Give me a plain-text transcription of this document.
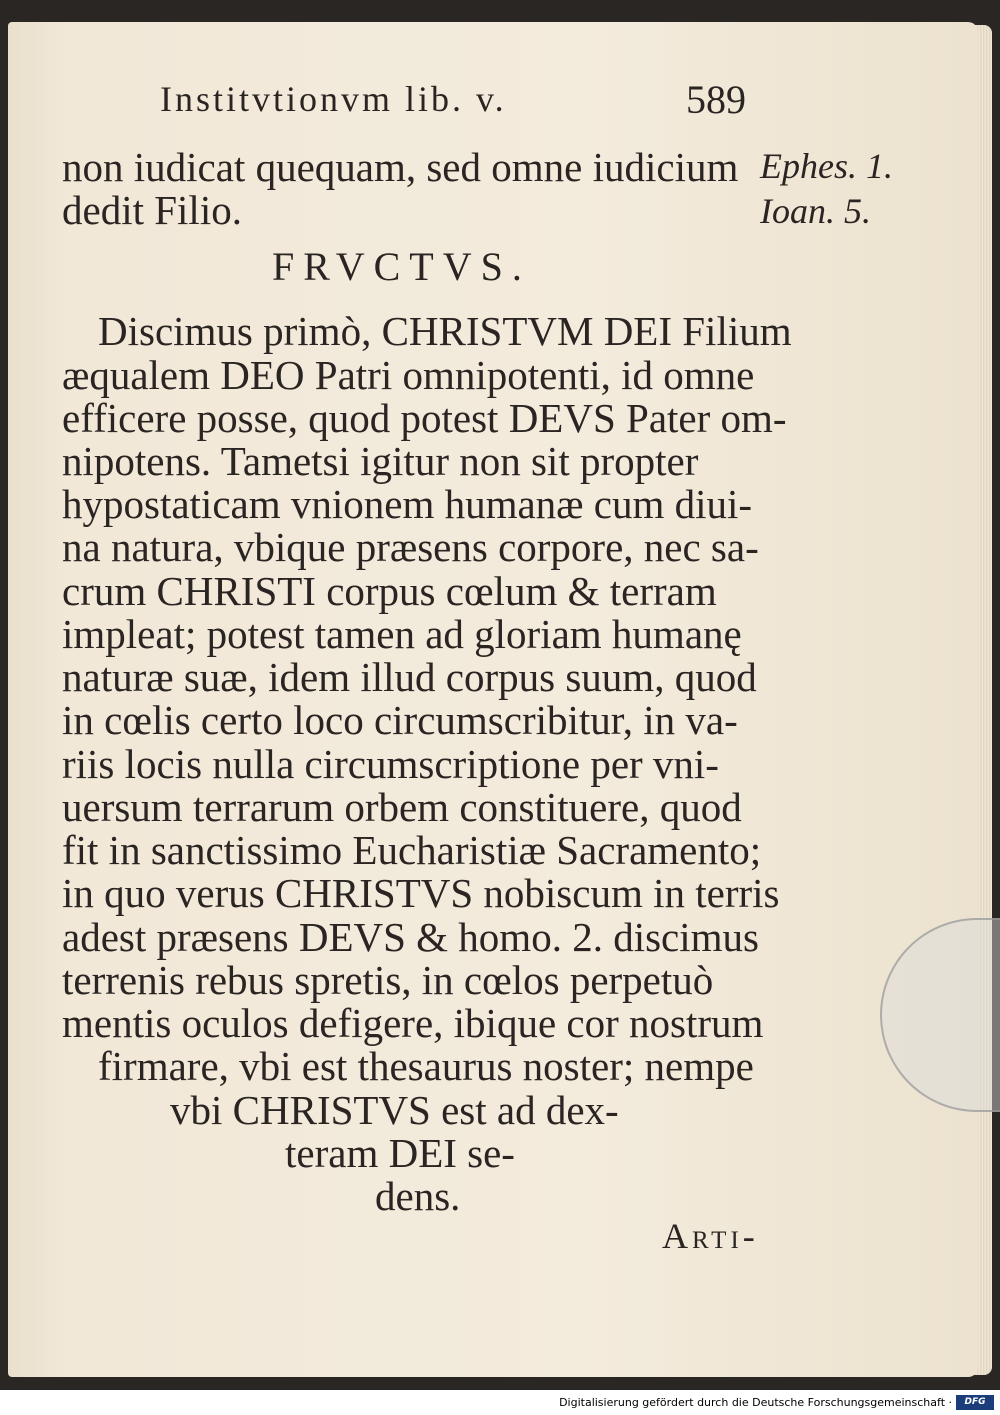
Institvtionvm lib. v.	589
non iudicat quequam, sed omne iudicium
dedit Filio.
Ephes. 1.
Ioan. 5.
FRVCTVS.
Discimus primò, CHRISTVM DEI Filium
æqualem DEO Patri omnipotenti, id omne
efficere posse, quod potest DEVS Pater om-
nipotens. Tametsi igitur non sit propter
hypostaticam vnionem humanæ cum diui-
na natura, vbique præsens corpore, nec sa-
crum CHRISTI corpus cœlum & terram
impleat; potest tamen ad gloriam humanę
naturæ suæ, idem illud corpus suum, quod
in cœlis certo loco circumscribitur, in va-
riis locis nulla circumscriptione per vni-
uersum terrarum orbem constituere, quod
fit in sanctissimo Eucharistiæ Sacramento;
in quo verus CHRISTVS nobiscum in terris
adest præsens DEVS & homo. 2. discimus
terrenis rebus spretis, in cœlos perpetuò
mentis oculos defigere, ibique cor nostrum
firmare, vbi est thesaurus noster; nempe
vbi CHRISTVS est ad dex-
teram DEI se-
dens.
Arti-
Digitalisierung gefördert durch die Deutsche Forschungsgemeinschaft ·	DFG
